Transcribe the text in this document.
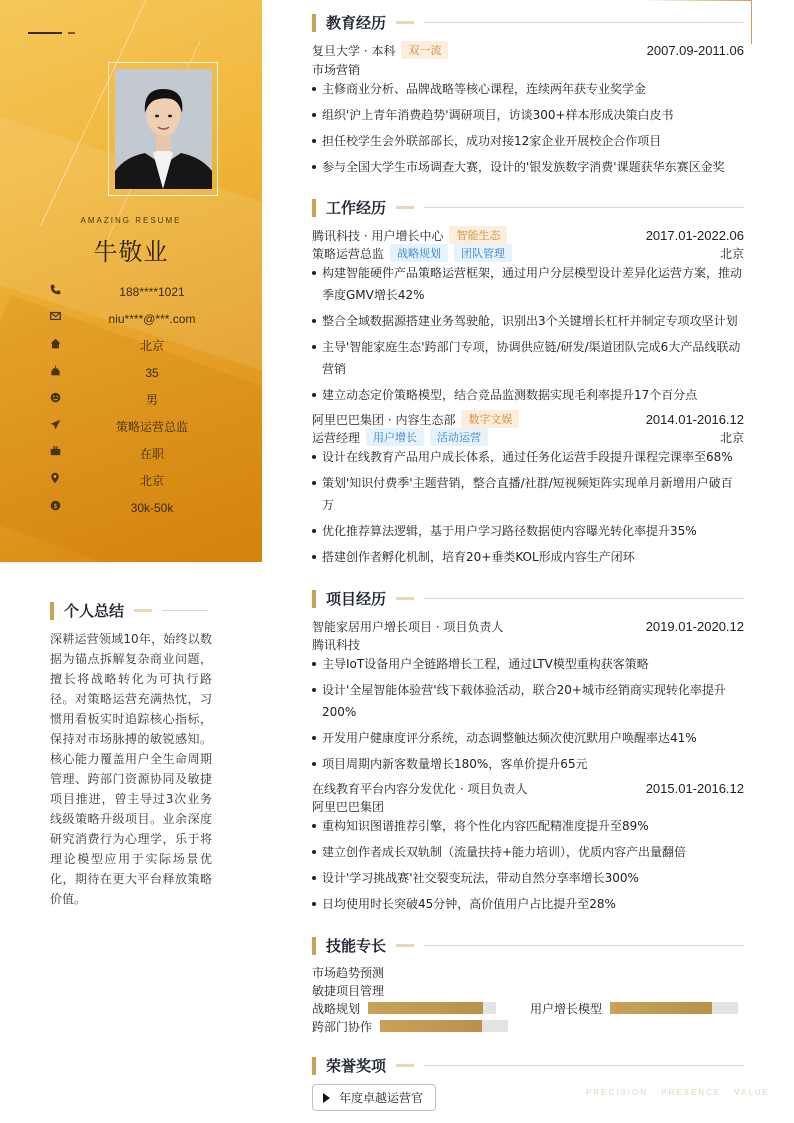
AMAZING RESUME
牛敬业
188****1021
niu****@***.com
北京
35
男
策略运营总监
在职
北京
$	30k-50k
个人总结
深耕运营领域10年，始终以数据为锚点拆解复杂商业问题，擅长将战略转化为可执行路径。对策略运营充满热忱，习惯用看板实时追踪核心指标，保持对市场脉搏的敏锐感知。核心能力覆盖用户全生命周期管理、跨部门资源协同及敏捷项目推进，曾主导过3次业务线级策略升级项目。业余深度研究消费行为心理学，乐于将理论模型应用于实际场景优化，期待在更大平台释放策略价值。
教育经历
复旦大学 · 本科	双一流	2007.09-2011.06
市场营销
主修商业分析、品牌战略等核心课程，连续两年获专业奖学金
组织'沪上青年消费趋势'调研项目，访谈300+样本形成决策白皮书
担任校学生会外联部部长，成功对接12家企业开展校企合作项目
参与全国大学生市场调查大赛，设计的'银发族数字消费'课题获华东赛区金奖
工作经历
腾讯科技 · 用户增长中心	智能生态	2017.01-2022.06
策略运营总监	战略规划	团队管理	北京
构建智能硬件产品策略运营框架，通过用户分层模型设计差异化运营方案，推动季度GMV增长42%
整合全域数据源搭建业务驾驶舱，识别出3个关键增长杠杆并制定专项攻坚计划
主导'智能家庭生态'跨部门专项，协调供应链/研发/渠道团队完成6大产品线联动营销
建立动态定价策略模型，结合竞品监测数据实现毛利率提升17个百分点
阿里巴巴集团 · 内容生态部	数字文娱	2014.01-2016.12
运营经理	用户增长	活动运营	北京
设计在线教育产品用户成长体系，通过任务化运营手段提升课程完课率至68%
策划'知识付费季'主题营销，整合直播/社群/短视频矩阵实现单月新增用户破百万
优化推荐算法逻辑，基于用户学习路径数据使内容曝光转化率提升35%
搭建创作者孵化机制，培育20+垂类KOL形成内容生产闭环
项目经历
智能家居用户增长项目 · 项目负责人	2019.01-2020.12
腾讯科技
主导IoT设备用户全链路增长工程，通过LTV模型重构获客策略
设计'全屋智能体验营'线下载体验活动，联合20+城市经销商实现转化率提升200%
开发用户健康度评分系统，动态调整触达频次使沉默用户唤醒率达41%
项目周期内新客数量增长180%，客单价提升65元
在线教育平台内容分发优化 · 项目负责人	2015.01-2016.12
阿里巴巴集团
重构知识图谱推荐引擎，将个性化内容匹配精准度提升至89%
建立创作者成长双轨制（流量扶持+能力培训），优质内容产出量翻倍
设计'学习挑战赛'社交裂变玩法，带动自然分享率增长300%
日均使用时长突破45分钟，高价值用户占比提升至28%
技能专长
市场趋势预测
敏捷项目管理
战略规划	用户增长模型
跨部门协作
荣誉奖项
年度卓越运营官	PRECISION · PRESENCE · VALUE
